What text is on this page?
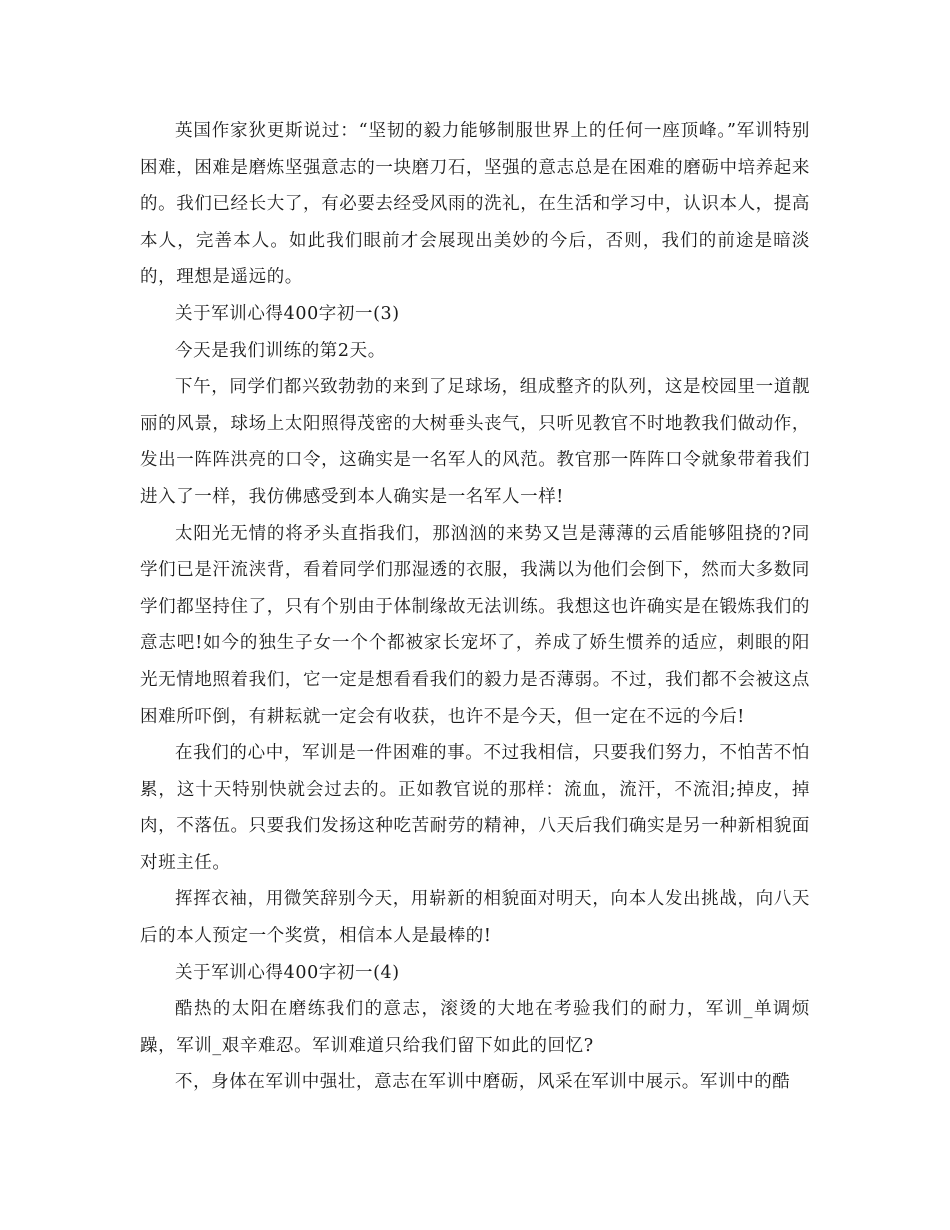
英国作家狄更斯说过：“坚韧的毅力能够制服世界上的任何一座顶峰。”军训特别困难，困难是磨炼坚强意志的一块磨刀石，坚强的意志总是在困难的磨砺中培养起来的。我们已经长大了，有必要去经受风雨的洗礼，在生活和学习中，认识本人，提高本人，完善本人。如此我们眼前才会展现出美妙的今后，否则，我们的前途是暗淡的，理想是遥远的。

关于军训心得400字初一(3)

今天是我们训练的第2天。

下午，同学们都兴致勃勃的来到了足球场，组成整齐的队列，这是校园里一道靓丽的风景，球场上太阳照得茂密的大树垂头丧气，只听见教官不时地教我们做动作，发出一阵阵洪亮的口令，这确实是一名军人的风范。教官那一阵阵口令就象带着我们进入了一样，我仿佛感受到本人确实是一名军人一样!

太阳光无情的将矛头直指我们，那汹汹的来势又岂是薄薄的云盾能够阻挠的?同学们已是汗流浃背，看着同学们那湿透的衣服，我满以为他们会倒下，然而大多数同学们都坚持住了，只有个别由于体制缘故无法训练。我想这也许确实是在锻炼我们的意志吧!如今的独生子女一个个都被家长宠坏了，养成了娇生惯养的适应，刺眼的阳光无情地照着我们，它一定是想看看我们的毅力是否薄弱。不过，我们都不会被这点困难所吓倒，有耕耘就一定会有收获，也许不是今天，但一定在不远的今后!

在我们的心中，军训是一件困难的事。不过我相信，只要我们努力，不怕苦不怕累，这十天特别快就会过去的。正如教官说的那样：流血，流汗，不流泪;掉皮，掉肉，不落伍。只要我们发扬这种吃苦耐劳的精神，八天后我们确实是另一种新相貌面对班主任。

挥挥衣袖，用微笑辞别今天，用崭新的相貌面对明天，向本人发出挑战，向八天后的本人预定一个奖赏，相信本人是最棒的!

关于军训心得400字初一(4)

酷热的太阳在磨练我们的意志，滚烫的大地在考验我们的耐力，军训_单调烦躁，军训_艰辛难忍。军训难道只给我们留下如此的回忆?

不，身体在军训中强壮，意志在军训中磨砺，风采在军训中展示。军训中的酷
